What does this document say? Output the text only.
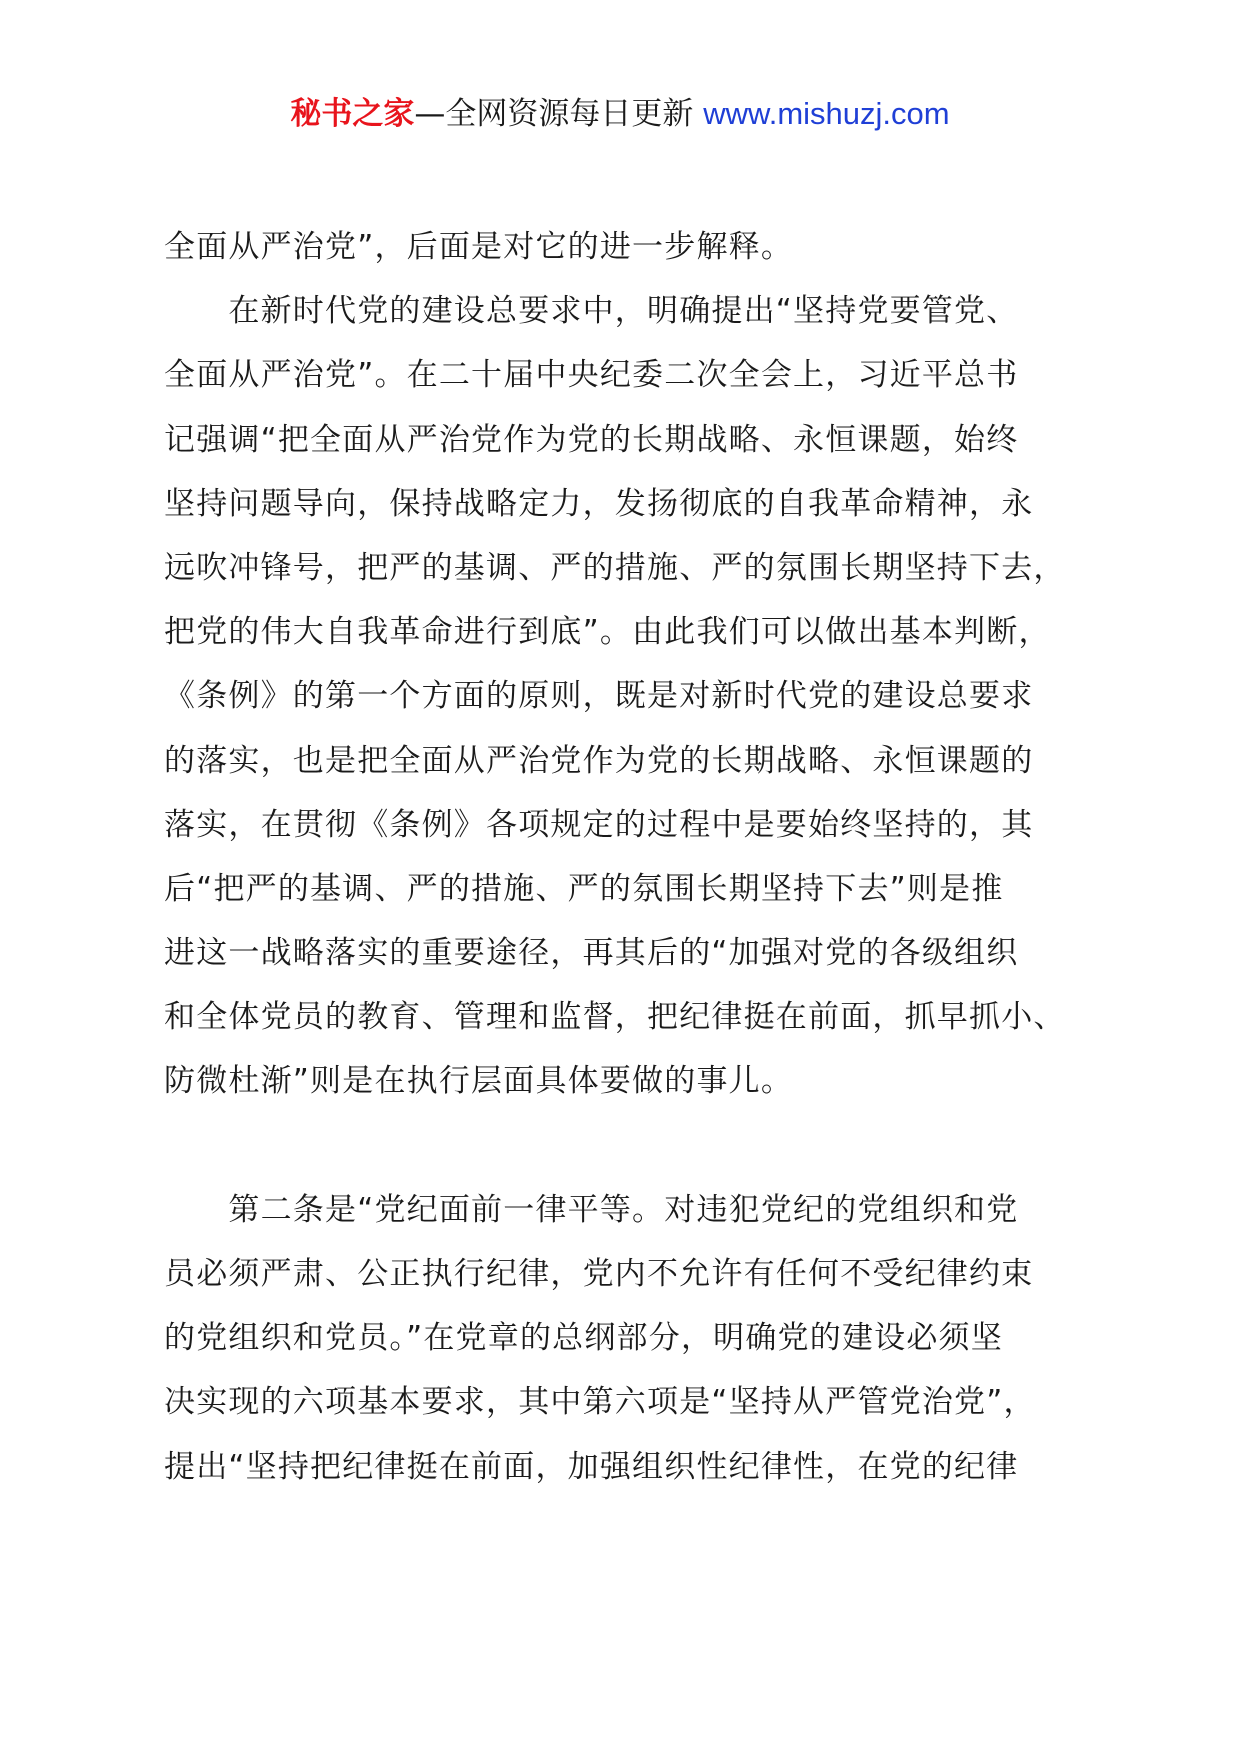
秘书之家—全网资源每日更新 www.mishuzj.com
全面从严治党”，后面是对它的进一步解释。
　　在新时代党的建设总要求中，明确提出“坚持党要管党、
全面从严治党”。在二十届中央纪委二次全会上，习近平总书
记强调“把全面从严治党作为党的长期战略、永恒课题，始终
坚持问题导向，保持战略定力，发扬彻底的自我革命精神，永
远吹冲锋号，把严的基调、严的措施、严的氛围长期坚持下去，
把党的伟大自我革命进行到底”。由此我们可以做出基本判断，
《条例》的第一个方面的原则，既是对新时代党的建设总要求
的落实，也是把全面从严治党作为党的长期战略、永恒课题的
落实，在贯彻《条例》各项规定的过程中是要始终坚持的，其
后“把严的基调、严的措施、严的氛围长期坚持下去”则是推
进这一战略落实的重要途径，再其后的“加强对党的各级组织
和全体党员的教育、管理和监督，把纪律挺在前面，抓早抓小、
防微杜渐”则是在执行层面具体要做的事儿。
　　第二条是“党纪面前一律平等。对违犯党纪的党组织和党
员必须严肃、公正执行纪律，党内不允许有任何不受纪律约束
的党组织和党员。”在党章的总纲部分，明确党的建设必须坚
决实现的六项基本要求，其中第六项是“坚持从严管党治党”，
提出“坚持把纪律挺在前面，加强组织性纪律性，在党的纪律
